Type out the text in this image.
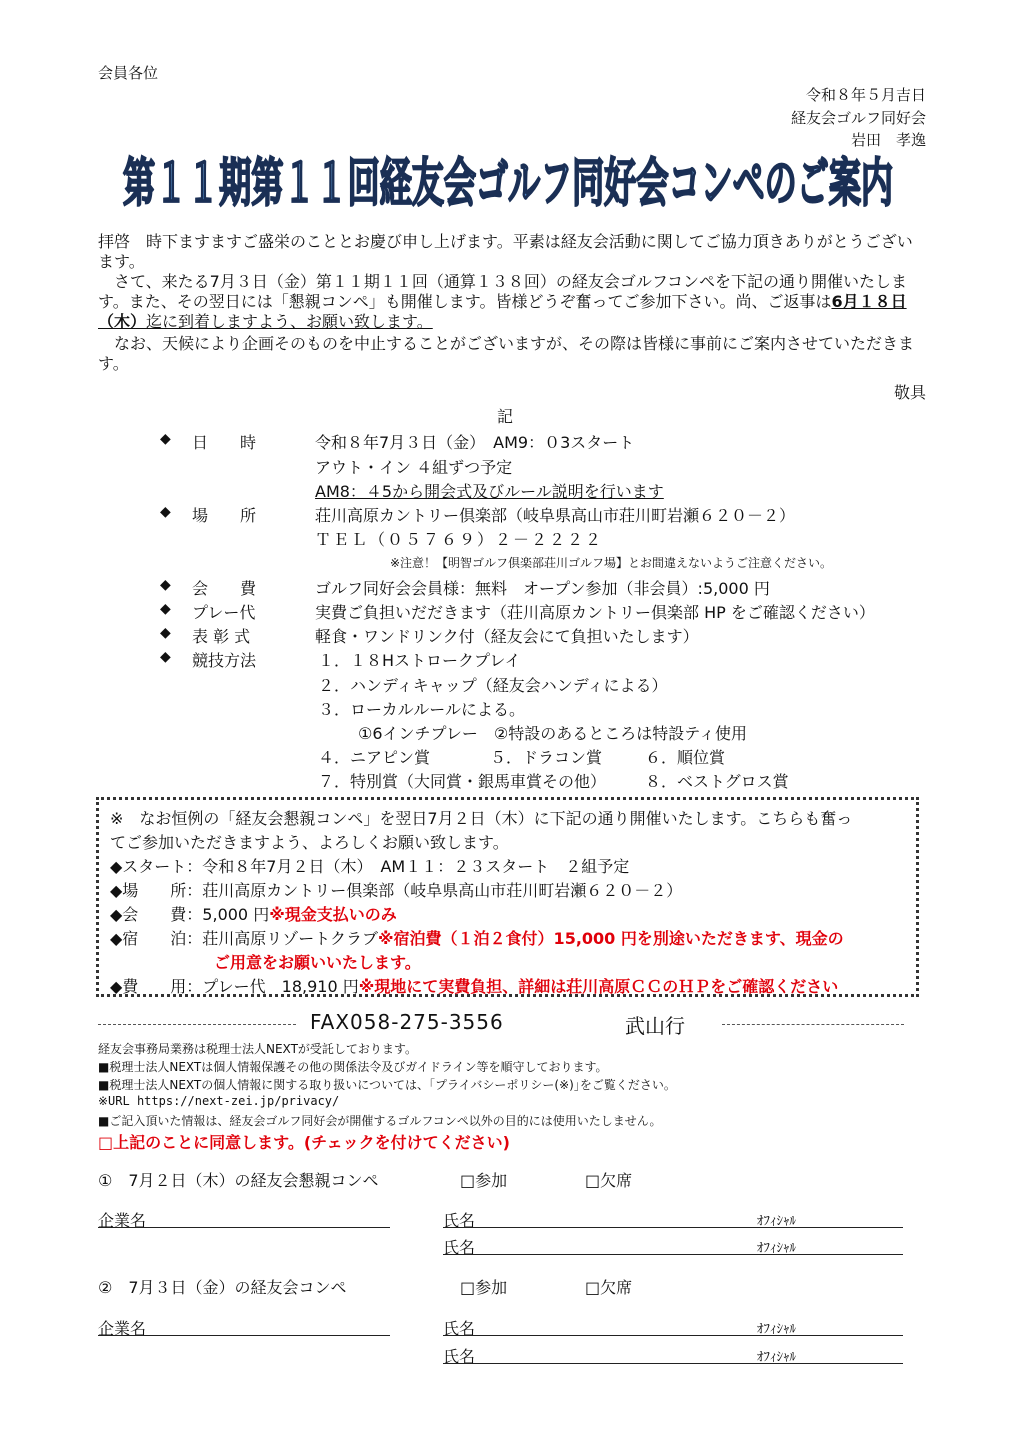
会員各位
令和８年５月吉日
経友会ゴルフ同好会
岩田　孝逸
第１１期第１１回経友会ゴルフ同好会コンペのご案内
拝啓　時下ますますご盛栄のこととお慶び申し上げます。平素は経友会活動に関してご協力頂きありがとうございます。
　さて、来たる7月３日（金）第１１期１１回（通算１３８回）の経友会ゴルフコンペを下記の通り開催いたします。また、その翌日には「懇親コンペ」も開催します。皆様どうぞ奮ってご参加下さい。尚、ご返事は6月１８日（木）迄に到着しますよう、お願い致します。
　なお、天候により企画そのものを中止することがございますが、その際は皆様に事前にご案内させていただきます。
敬具
記
◆ 日　　時	令和８年7月３日（金）　AM9：０3スタート
アウト・イン ４組ずつ予定
AM8：４5から開会式及びルール説明を行います
◆ 場　　所	荘川高原カントリー倶楽部（岐阜県高山市荘川町岩瀬６２０－２）
ＴＥＬ（０５７６９）２－２２２２
※注意！【明智ゴルフ倶楽部荘川ゴルフ場】とお間違えないようご注意ください。
◆ 会　　費	ゴルフ同好会会員様：無料　オープン参加（非会員）:5,000 円
◆ プレー代	実費ご負担いだだきます（荘川高原カントリー倶楽部 HP をご確認ください）
◆ 表 彰 式	軽食・ワンドリンク付（経友会にて負担いたします）
◆ 競技方法	１．１８Hストロークプレイ
２．ハンディキャップ（経友会ハンディによる）
３．ローカルルールによる。
①6インチプレー　②特設のあるところは特設ティ使用
４．ニアピン賞	５．ドラコン賞	６．順位賞
７．特別賞（大同賞・銀馬車賞その他） ８．ベストグロス賞
※　なお恒例の「経友会懇親コンペ」を翌日7月２日（木）に下記の通り開催いたします。こちらも奮っ
てご参加いただきますよう、よろしくお願い致します。
◆スタート：令和８年7月２日（木）　AM１１：２３スタート　２組予定
◆場　　所：荘川高原カントリー倶楽部（岐阜県高山市荘川町岩瀬６２０－２）
◆会　　費：5,000 円※現金支払いのみ
◆宿　　泊：荘川高原リゾートクラブ※宿泊費（１泊２食付）15,000 円を別途いただきます、現金の
ご用意をお願いいたします。
◆費　　用：プレー代　18,910 円※現地にて実費負担、詳細は荘川高原ＣＣのＨＰをご確認ください
FAX058-275-3556	武山行
経友会事務局業務は税理士法人NEXTが受託しております。
■税理士法人NEXTは個人情報保護その他の関係法令及びガイドライン等を順守しております。
■税理士法人NEXTの個人情報に関する取り扱いについては、｢プライバシーポリシー(※)｣をご覧ください。
※URL https://next-zei.jp/privacy/
■ご記入頂いた情報は、経友会ゴルフ同好会が開催するゴルフコンペ以外の目的には使用いたしません。
□上記のことに同意します。(チェックを付けてください)
①　7月２日（木）の経友会懇親コンペ	□参加	□欠席
企業名	氏名	ｵﾌｨｼｬﾙ
氏名	ｵﾌｨｼｬﾙ
②　7月３日（金）の経友会コンペ	□参加	□欠席
企業名	氏名	ｵﾌｨｼｬﾙ
氏名	ｵﾌｨｼｬﾙ
